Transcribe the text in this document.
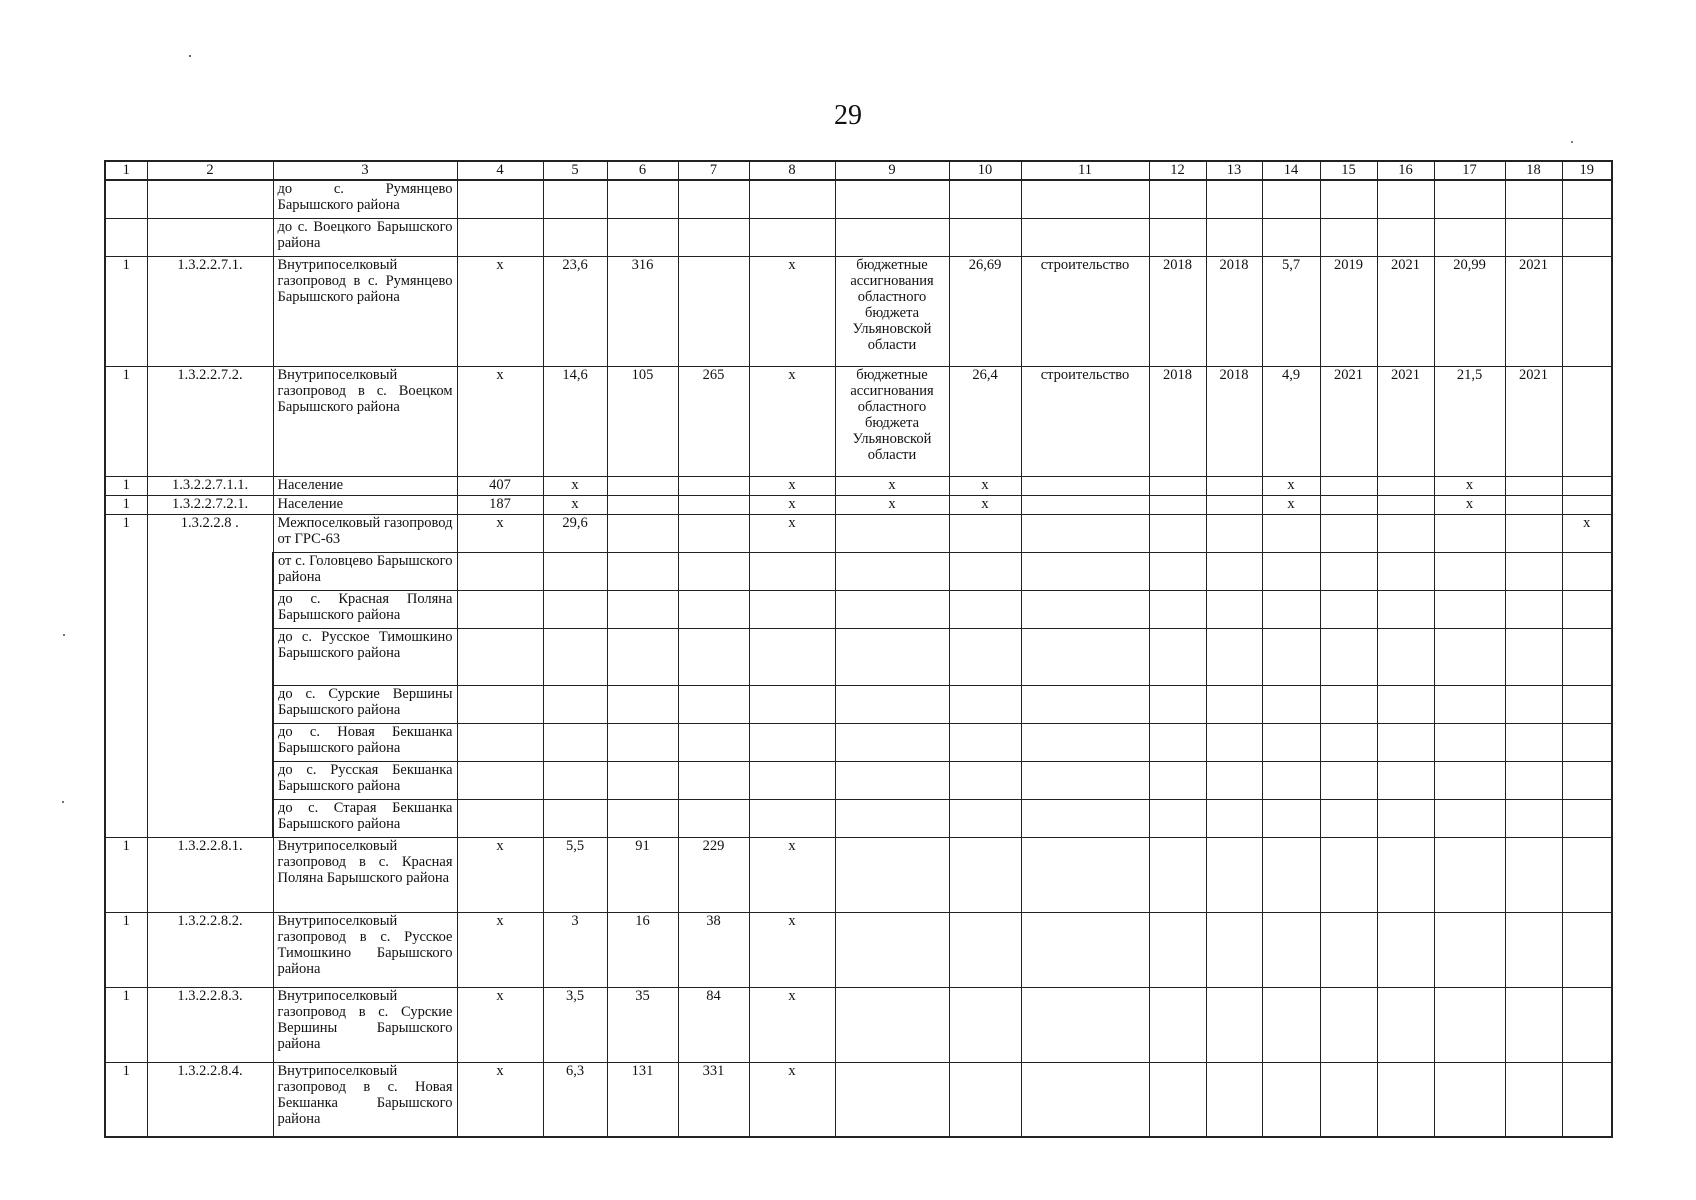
29
1	2	3	4	5	6	7	8	9	10	11	12	13	14	15	16	17	18	19
		до с. Румянцево Барышского района																
		до с. Воецкого Барышского района																
1	1.3.2.2.7.1.	Внутрипоселковый газопровод в с. Румянцево Барышского района	х	23,6	316		х	бюджетные ассигнования областного бюджета Ульяновской области	26,69	строительство	2018	2018	5,7	2019	2021	20,99	2021	
1	1.3.2.2.7.2.	Внутрипоселковый газопровод в с. Воецком Барышского района	х	14,6	105	265	х	бюджетные ассигнования областного бюджета Ульяновской области	26,4	строительство	2018	2018	4,9	2021	2021	21,5	2021	
1	1.3.2.2.7.1.1.	Население	407	х			х	х	х				х			х		
1	1.3.2.2.7.2.1.	Население	187	х			х	х	х				х			х		
1	1.3.2.2.8 .	Межпоселковый газопровод от ГРС-63	х	29,6			х											х
		от с. Головцево Барышского района																
		до с. Красная Поляна Барышского района																
		до с. Русское Тимошкино Барышского района																
		до с. Сурские Вершины Барышского района																
		до с. Новая Бекшанка Барышского района																
		до с. Русская Бекшанка Барышского района																
		до с. Старая Бекшанка Барышского района																
1	1.3.2.2.8.1.	Внутрипоселковый газопровод в с. Красная Поляна Барышского района	х	5,5	91	229	х											
1	1.3.2.2.8.2.	Внутрипоселковый газопровод в с. Русское Тимошкино Барышского района	х	3	16	38	х											
1	1.3.2.2.8.3.	Внутрипоселковый газопровод в с. Сурские Вершины Барышского района	х	3,5	35	84	х											
1	1.3.2.2.8.4.	Внутрипоселковый газопровод в с. Новая Бекшанка Барышского района	х	6,3	131	331	х											
